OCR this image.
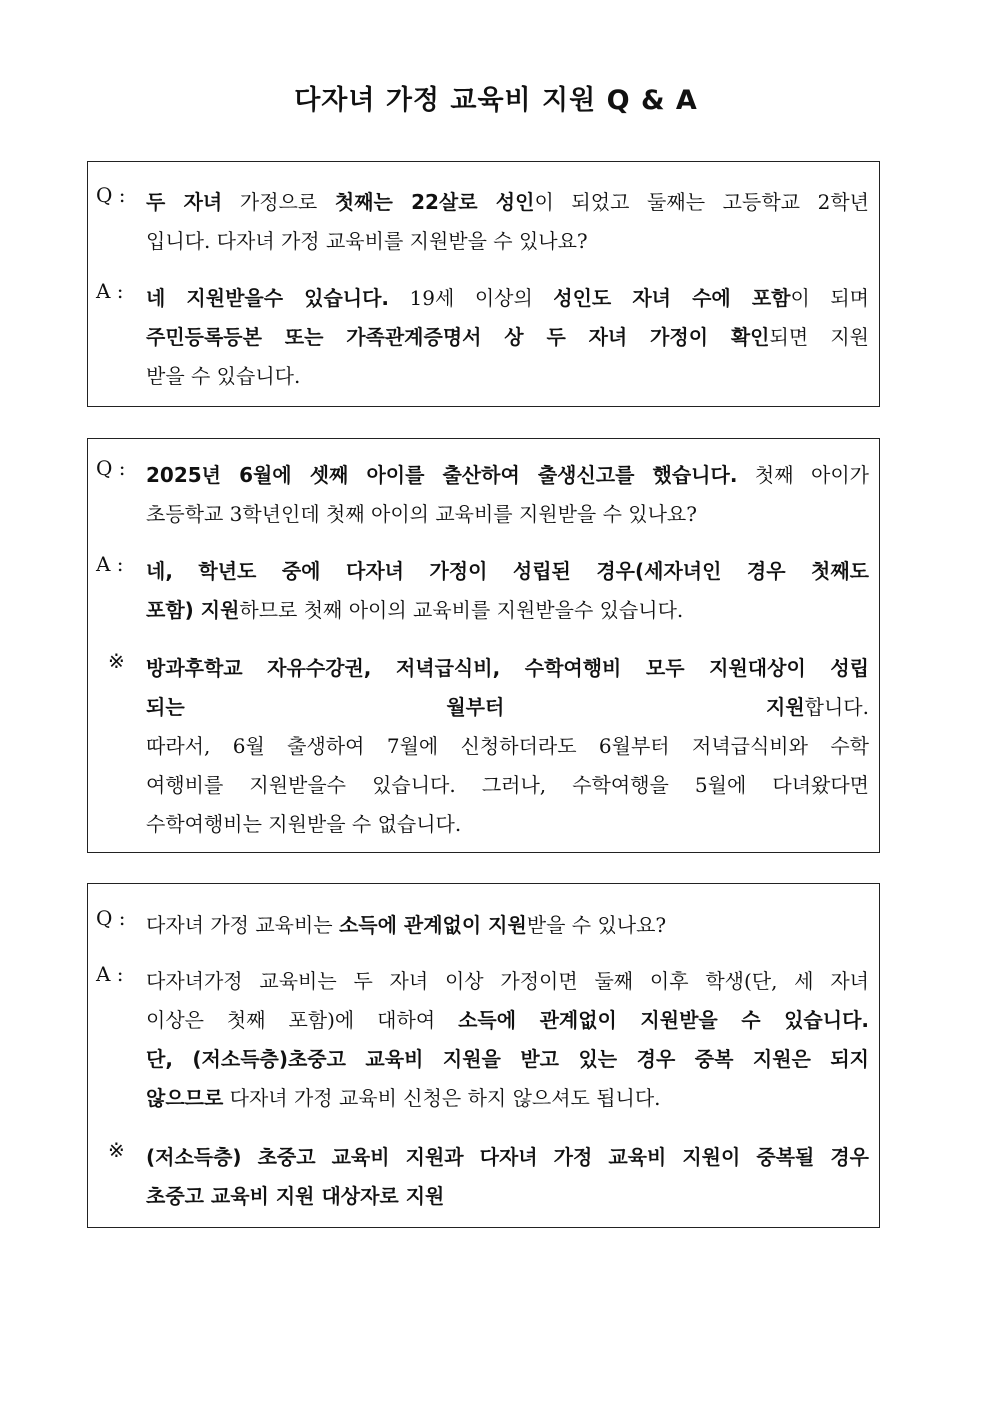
다자녀 가정 교육비 지원 Q & A
Q :	두 자녀 가정으로 첫째는 22살로 성인이 되었고 둘째는 고등학교 2학년
입니다. 다자녀 가정 교육비를 지원받을 수 있나요?
A :	네 지원받을수 있습니다. 19세 이상의 성인도 자녀 수에 포함이 되며
주민등록등본 또는 가족관계증명서 상 두 자녀 가정이 확인되면 지원
받을 수 있습니다.
Q :	2025년 6월에 셋째 아이를 출산하여 출생신고를 했습니다. 첫째 아이가
초등학교 3학년인데 첫째 아이의 교육비를 지원받을 수 있나요?
A :	네, 학년도 중에 다자녀 가정이 성립된 경우(세자녀인 경우 첫째도
포함) 지원하므로 첫째 아이의 교육비를 지원받을수 있습니다.
※	방과후학교 자유수강권, 저녁급식비, 수학여행비 모두 지원대상이 성립
되는 월부터 지원합니다.
따라서, 6월 출생하여 7월에 신청하더라도 6월부터 저녁급식비와 수학
여행비를 지원받을수 있습니다. 그러나, 수학여행을 5월에 다녀왔다면
수학여행비는 지원받을 수 없습니다.
Q :	다자녀 가정 교육비는 소득에 관계없이 지원받을 수 있나요?
A :	다자녀가정 교육비는 두 자녀 이상 가정이면 둘째 이후 학생(단, 세 자녀
이상은 첫째 포함)에 대하여 소득에 관계없이 지원받을 수 있습니다.
단, (저소득층)초중고 교육비 지원을 받고 있는 경우 중복 지원은 되지
않으므로 다자녀 가정 교육비 신청은 하지 않으셔도 됩니다.
※	(저소득층) 초중고 교육비 지원과 다자녀 가정 교육비 지원이 중복될 경우
초중고 교육비 지원 대상자로 지원
